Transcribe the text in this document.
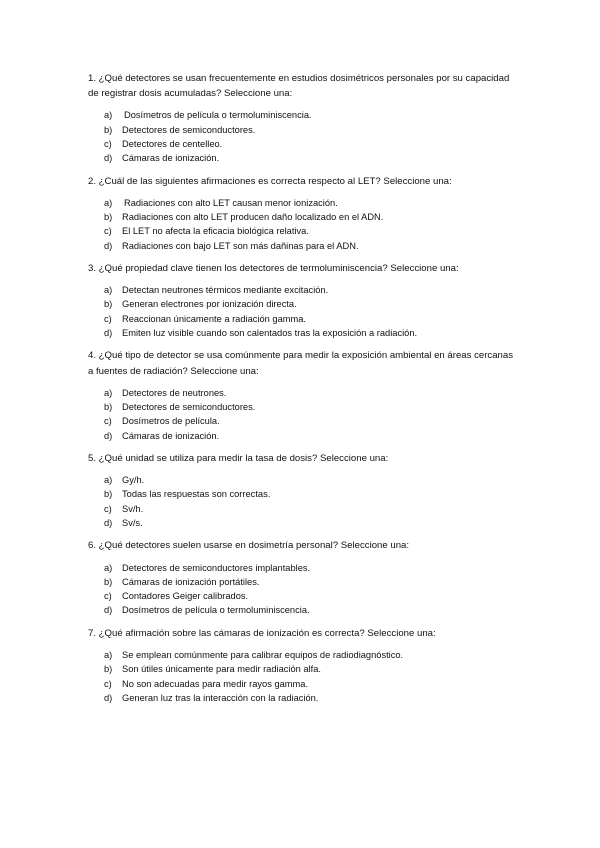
1. ¿Qué detectores se usan frecuentemente en estudios dosimétricos personales por su capacidad de registrar dosis acumuladas? Seleccione una:

a) Dosímetros de película o termoluminiscencia.
b) Detectores de semiconductores.
c) Detectores de centelleo.
d) Cámaras de ionización.

2. ¿Cuál de las siguientes afirmaciones es correcta respecto al LET? Seleccione una:

a) Radiaciones con alto LET causan menor ionización.
b) Radiaciones con alto LET producen daño localizado en el ADN.
c) El LET no afecta la eficacia biológica relativa.
d) Radiaciones con bajo LET son más dañinas para el ADN.

3. ¿Qué propiedad clave tienen los detectores de termoluminiscencia? Seleccione una:

a) Detectan neutrones térmicos mediante excitación.
b) Generan electrones por ionización directa.
c) Reaccionan únicamente a radiación gamma.
d) Emiten luz visible cuando son calentados tras la exposición a radiación.

4. ¿Qué tipo de detector se usa comúnmente para medir la exposición ambiental en áreas cercanas a fuentes de radiación? Seleccione una:

a) Detectores de neutrones.
b) Detectores de semiconductores.
c) Dosímetros de película.
d) Cámaras de ionización.

5. ¿Qué unidad se utiliza para medir la tasa de dosis? Seleccione una:

a) Gy/h.
b) Todas las respuestas son correctas.
c) Sv/h.
d) Sv/s.

6. ¿Qué detectores suelen usarse en dosimetría personal? Seleccione una:

a) Detectores de semiconductores implantables.
b) Cámaras de ionización portátiles.
c) Contadores Geiger calibrados.
d) Dosímetros de película o termoluminiscencia.

7. ¿Qué afirmación sobre las cámaras de ionización es correcta? Seleccione una:

a) Se emplean comúnmente para calibrar equipos de radiodiagnóstico.
b) Son útiles únicamente para medir radiación alfa.
c) No son adecuadas para medir rayos gamma.
d) Generan luz tras la interacción con la radiación.
